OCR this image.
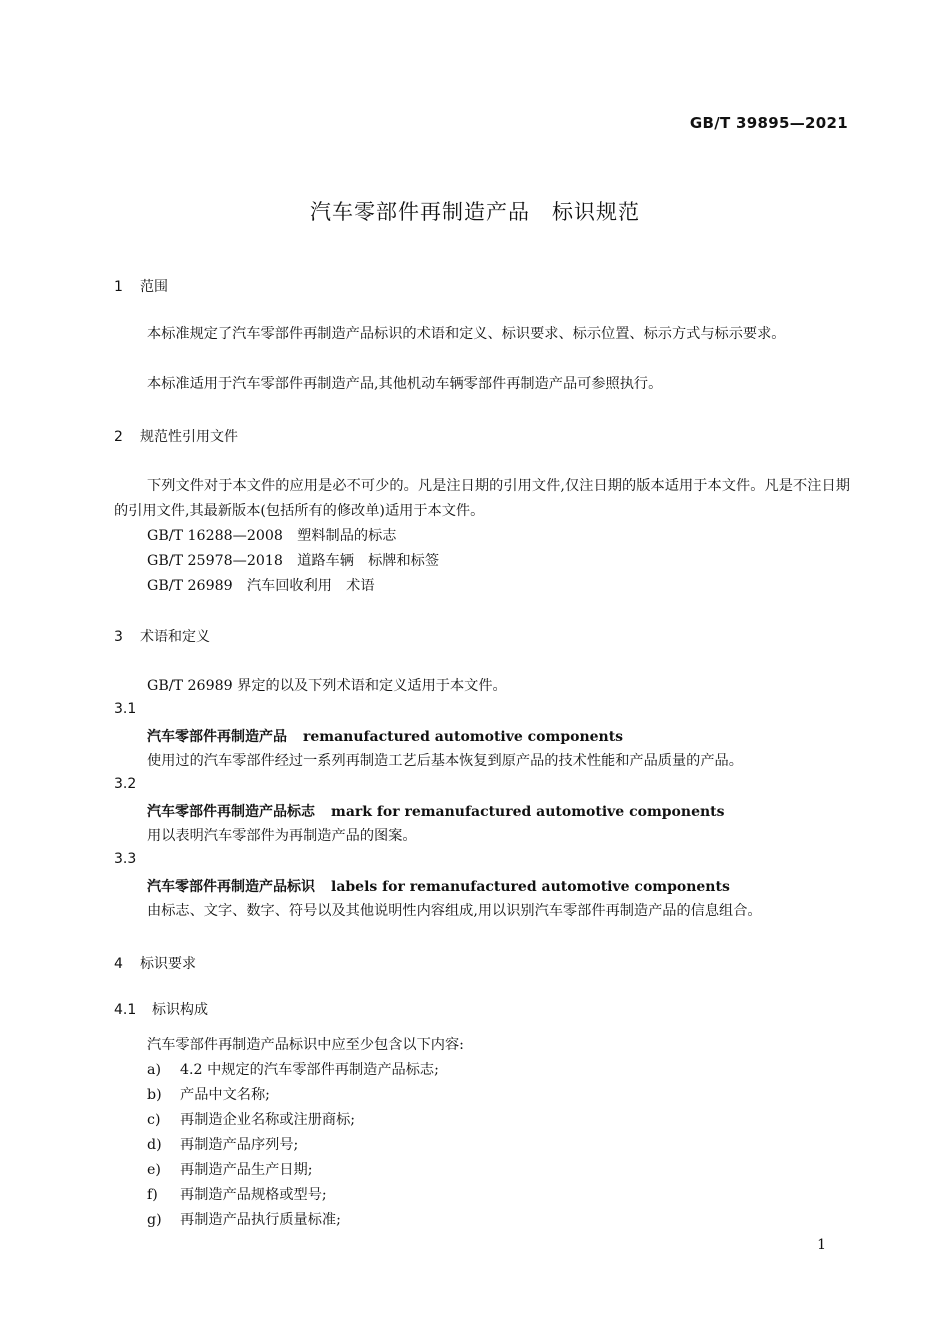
GB/T 39895—2021
汽车零部件再制造产品　标识规范
1 范围
本标准规定了汽车零部件再制造产品标识的术语和定义、标识要求、标示位置、标示方式与标示要求。
本标准适用于汽车零部件再制造产品,其他机动车辆零部件再制造产品可参照执行。
2 规范性引用文件
下列文件对于本文件的应用是必不可少的。凡是注日期的引用文件,仅注日期的版本适用于本文件。凡是不注日期的引用文件,其最新版本(包括所有的修改单)适用于本文件。
GB/T 16288—2008　塑料制品的标志
GB/T 25978—2018　道路车辆　标牌和标签
GB/T 26989　汽车回收利用　术语
3 术语和定义
GB/T 26989 界定的以及下列术语和定义适用于本文件。
3.1
汽车零部件再制造产品 remanufactured automotive components
使用过的汽车零部件经过一系列再制造工艺后基本恢复到原产品的技术性能和产品质量的产品。
3.2
汽车零部件再制造产品标志 mark for remanufactured automotive components
用以表明汽车零部件为再制造产品的图案。
3.3
汽车零部件再制造产品标识 labels for remanufactured automotive components
由标志、文字、数字、符号以及其他说明性内容组成,用以识别汽车零部件再制造产品的信息组合。
4 标识要求
4.1 标识构成
汽车零部件再制造产品标识中应至少包含以下内容:
a) 4.2 中规定的汽车零部件再制造产品标志;
b) 产品中文名称;
c) 再制造企业名称或注册商标;
d) 再制造产品序列号;
e) 再制造产品生产日期;
f) 再制造产品规格或型号;
g) 再制造产品执行质量标准;
1
